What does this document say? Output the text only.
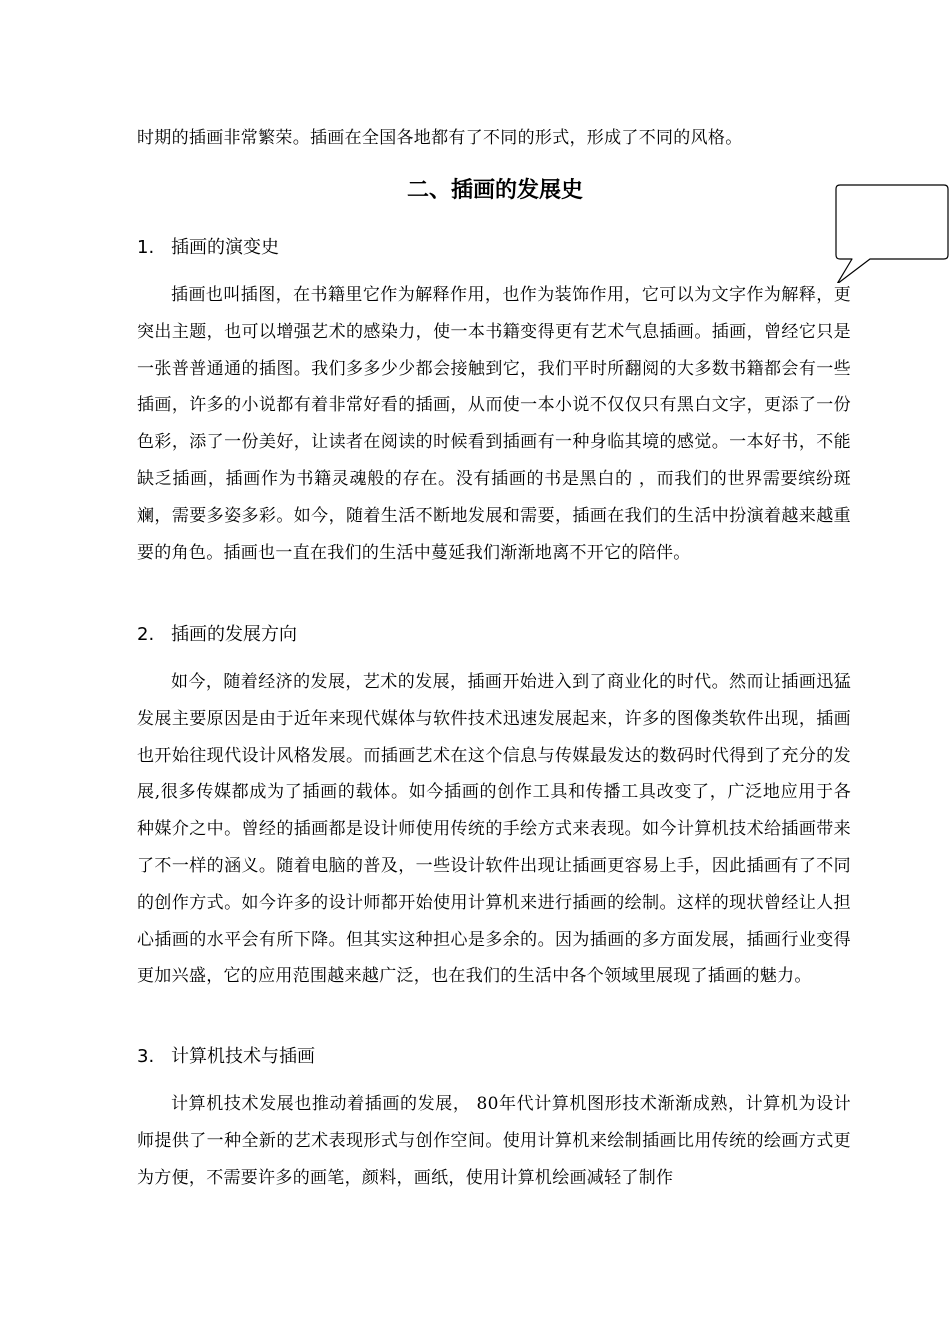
时期的插画非常繁荣。插画在全国各地都有了不同的形式，形成了不同的风格。
二、插画的发展史
1. 插画的演变史
插画也叫插图，在书籍里它作为解释作用，也作为装饰作用，它可以为文字作为解释，更突出主题，也可以增强艺术的感染力，使一本书籍变得更有艺术气息插画。插画，曾经它只是一张普普通通的插图。我们多多少少都会接触到它，我们平时所翻阅的大多数书籍都会有一些插画，许多的小说都有着非常好看的插画，从而使一本小说不仅仅只有黑白文字，更添了一份色彩，添了一份美好，让读者在阅读的时候看到插画有一种身临其境的感觉。一本好书，不能缺乏插画，插画作为书籍灵魂般的存在。没有插画的书是黑白的 ，而我们的世界需要缤纷斑斓，需要多姿多彩。如今，随着生活不断地发展和需要，插画在我们的生活中扮演着越来越重要的角色。插画也一直在我们的生活中蔓延我们渐渐地离不开它的陪伴。
2. 插画的发展方向
如今，随着经济的发展，艺术的发展，插画开始进入到了商业化的时代。然而让插画迅猛发展主要原因是由于近年来现代媒体与软件技术迅速发展起来，许多的图像类软件出现，插画也开始往现代设计风格发展。而插画艺术在这个信息与传媒最发达的数码时代得到了充分的发展,很多传媒都成为了插画的载体。如今插画的创作工具和传播工具改变了，广泛地应用于各种媒介之中。曾经的插画都是设计师使用传统的手绘方式来表现。如今计算机技术给插画带来了不一样的涵义。随着电脑的普及，一些设计软件出现让插画更容易上手，因此插画有了不同的创作方式。如今许多的设计师都开始使用计算机来进行插画的绘制。这样的现状曾经让人担心插画的水平会有所下降。但其实这种担心是多余的。因为插画的多方面发展，插画行业变得更加兴盛，它的应用范围越来越广泛，也在我们的生活中各个领域里展现了插画的魅力。
3. 计算机技术与插画
计算机技术发展也推动着插画的发展， 80年代计算机图形技术渐渐成熟，计算机为设计师提供了一种全新的艺术表现形式与创作空间。使用计算机来绘制插画比用传统的绘画方式更为方便，不需要许多的画笔，颜料，画纸，使用计算机绘画减轻了制作
